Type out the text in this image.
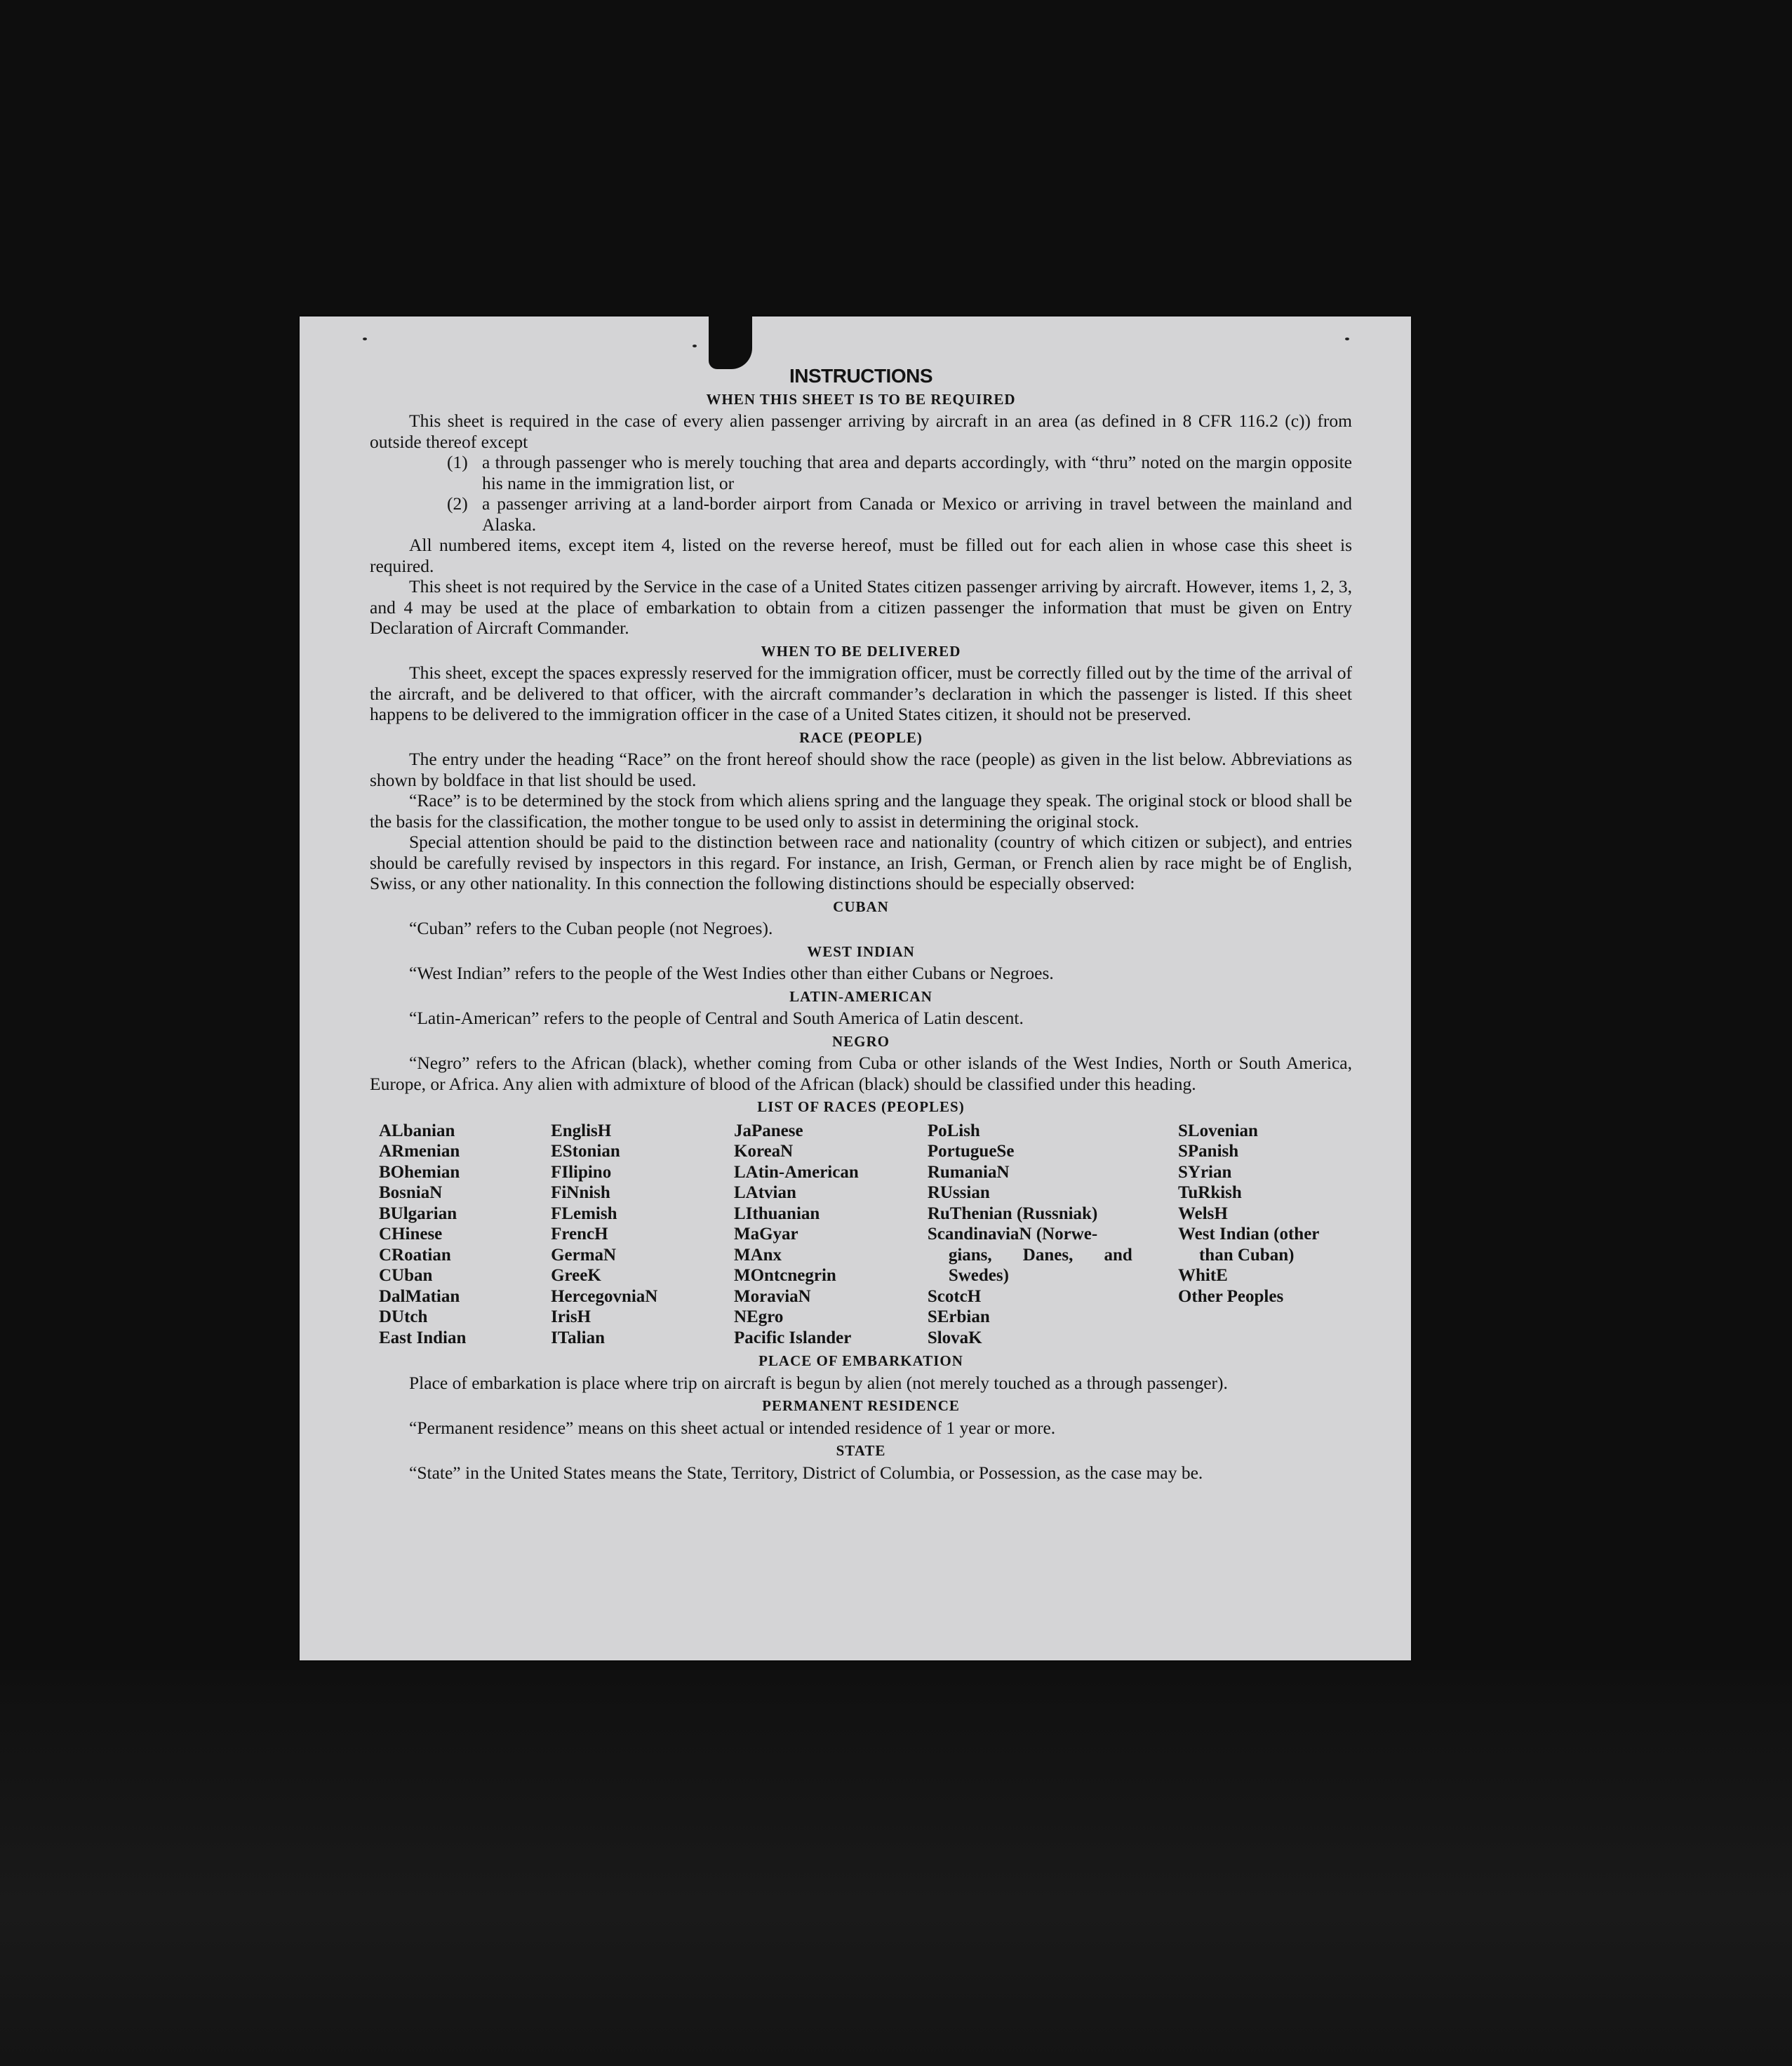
INSTRUCTIONS
WHEN THIS SHEET IS TO BE REQUIRED

This sheet is required in the case of every alien passenger arriving by aircraft in an area (as defined in 8 CFR 116.2 (c)) from outside thereof except

(1) a through passenger who is merely touching that area and departs accordingly, with “thru” noted on the margin opposite his name in the immigration list, or
(2) a passenger arriving at a land-border airport from Canada or Mexico or arriving in travel between the mainland and Alaska.

All numbered items, except item 4, listed on the reverse hereof, must be filled out for each alien in whose case this sheet is required.

This sheet is not required by the Service in the case of a United States citizen passenger arriving by aircraft. However, items 1, 2, 3, and 4 may be used at the place of embarkation to obtain from a citizen passenger the information that must be given on Entry Declaration of Aircraft Commander.

WHEN TO BE DELIVERED

This sheet, except the spaces expressly reserved for the immigration officer, must be correctly filled out by the time of the arrival of the aircraft, and be delivered to that officer, with the aircraft commander’s declaration in which the passenger is listed. If this sheet happens to be delivered to the immigration officer in the case of a United States citizen, it should not be preserved.

RACE (PEOPLE)

The entry under the heading “Race” on the front hereof should show the race (people) as given in the list below. Abbreviations as shown by boldface in that list should be used.

“Race” is to be determined by the stock from which aliens spring and the language they speak. The original stock or blood shall be the basis for the classification, the mother tongue to be used only to assist in determining the original stock.

Special attention should be paid to the distinction between race and nationality (country of which citizen or subject), and entries should be carefully revised by inspectors in this regard. For instance, an Irish, German, or French alien by race might be of English, Swiss, or any other nationality. In this connection the following distinctions should be especially observed:

CUBAN

“Cuban” refers to the Cuban people (not Negroes).

WEST INDIAN

“West Indian” refers to the people of the West Indies other than either Cubans or Negroes.

LATIN-AMERICAN

“Latin-American” refers to the people of Central and South America of Latin descent.

NEGRO

“Negro” refers to the African (black), whether coming from Cuba or other islands of the West Indies, North or South America, Europe, or Africa. Any alien with admixture of blood of the African (black) should be classified under this heading.

LIST OF RACES (PEOPLES)
ALbanian
ARmenian
BOhemian
BosniaN
BUlgarian
CHinese
CRoatian
CUban
DalMatian
DUtch
East Indian
EnglisH
EStonian
FIlipino
FiNnish
FLemish
FrencH
GermaN
GreeK
HercegovniaN
IrisH
ITalian
JaPanese
KoreaN
LAtin-American
LAtvian
LIthuanian
MaGyar
MAnx
MOntcnegrin
MoraviaN
NEgro
Pacific Islander
PoLish
PortugueSe
RumaniaN
RUssian
RuThenian (Russniak)
ScandinaviaN (Norwe-
gians, Danes, and
Swedes)
ScotcH
SErbian
SlovaK
SLovenian
SPanish
SYrian
TuRkish
WelsH
West Indian (other
than Cuban)
WhitE
Other Peoples
PLACE OF EMBARKATION

Place of embarkation is place where trip on aircraft is begun by alien (not merely touched as a through passenger).

PERMANENT RESIDENCE

“Permanent residence” means on this sheet actual or intended residence of 1 year or more.

STATE

“State” in the United States means the State, Territory, District of Columbia, or Possession, as the case may be.
